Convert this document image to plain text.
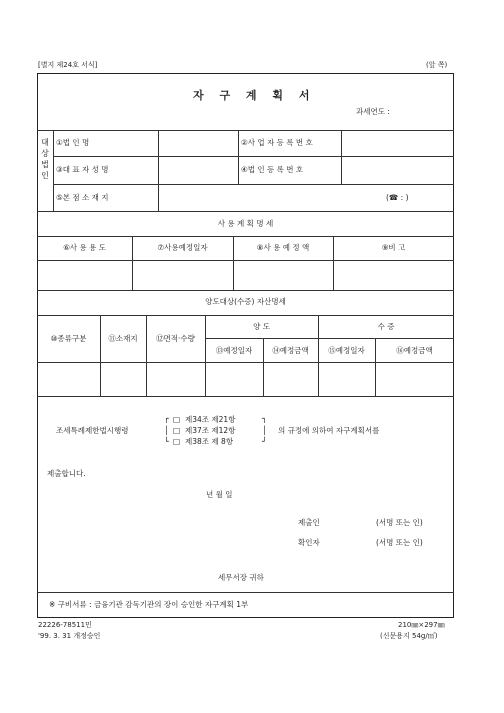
[별지 제24호 서식]	(앞 쪽)
자 구 계 획 서
과세연도 :
대상법인
①법 인 명	②사 업 자 등 록 번 호
③대 표 자 성 명	④법 인 등 록 번 호
⑤본 점 소 재 지	(☎ : )
사 용 계 획 명 세
⑥사 용 용 도	⑦사용예정일자	⑧사 용 예 정 액	⑨비 고
양도대상(수증) 자산명세
⑩종류구분	⑪소재지	⑫면적·수량
양 도	수 증
⑬예정일자	⑭예정금액	⑮예정일자	⑯예정금액
조세특례제한법시행령
┌
│
└
□ 제34조 제21항
□ 제37조 제12항
□ 제38조 제 8항
┐
│
┘
의 규정에 의하여 자구계획서를
제출합니다.
년 월 일
제출인	(서명 또는 인)
확인자	(서명 또는 인)
세무서장 귀하
※ 구비서류 : 금융기관 감독기관의 장이 승인한 자구계획 1부
22226-78511민
'99. 3. 31 개정승인
210㎜×297㎜
(신문용지 54g/㎡)
